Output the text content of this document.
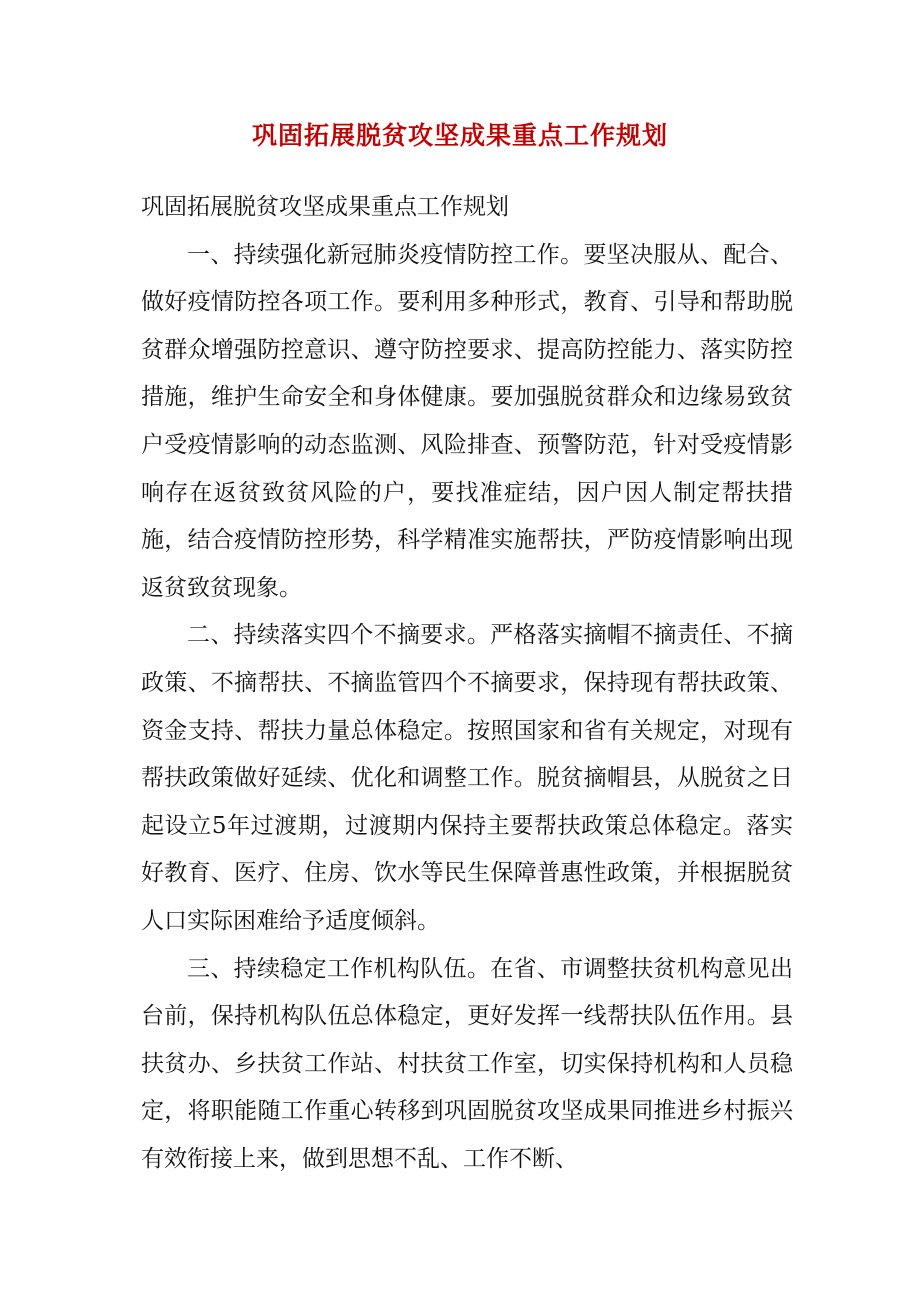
巩固拓展脱贫攻坚成果重点工作规划

巩固拓展脱贫攻坚成果重点工作规划

一、持续强化新冠肺炎疫情防控工作。要坚决服从、配合、做好疫情防控各项工作。要利用多种形式，教育、引导和帮助脱贫群众增强防控意识、遵守防控要求、提高防控能力、落实防控措施，维护生命安全和身体健康。要加强脱贫群众和边缘易致贫户受疫情影响的动态监测、风险排查、预警防范，针对受疫情影响存在返贫致贫风险的户，要找准症结，因户因人制定帮扶措施，结合疫情防控形势，科学精准实施帮扶，严防疫情影响出现返贫致贫现象。

二、持续落实四个不摘要求。严格落实摘帽不摘责任、不摘政策、不摘帮扶、不摘监管四个不摘要求，保持现有帮扶政策、资金支持、帮扶力量总体稳定。按照国家和省有关规定，对现有帮扶政策做好延续、优化和调整工作。脱贫摘帽县，从脱贫之日起设立5年过渡期，过渡期内保持主要帮扶政策总体稳定。落实好教育、医疗、住房、饮水等民生保障普惠性政策，并根据脱贫人口实际困难给予适度倾斜。

三、持续稳定工作机构队伍。在省、市调整扶贫机构意见出台前，保持机构队伍总体稳定，更好发挥一线帮扶队伍作用。县扶贫办、乡扶贫工作站、村扶贫工作室，切实保持机构和人员稳定，将职能随工作重心转移到巩固脱贫攻坚成果同推进乡村振兴有效衔接上来，做到思想不乱、工作不断、
